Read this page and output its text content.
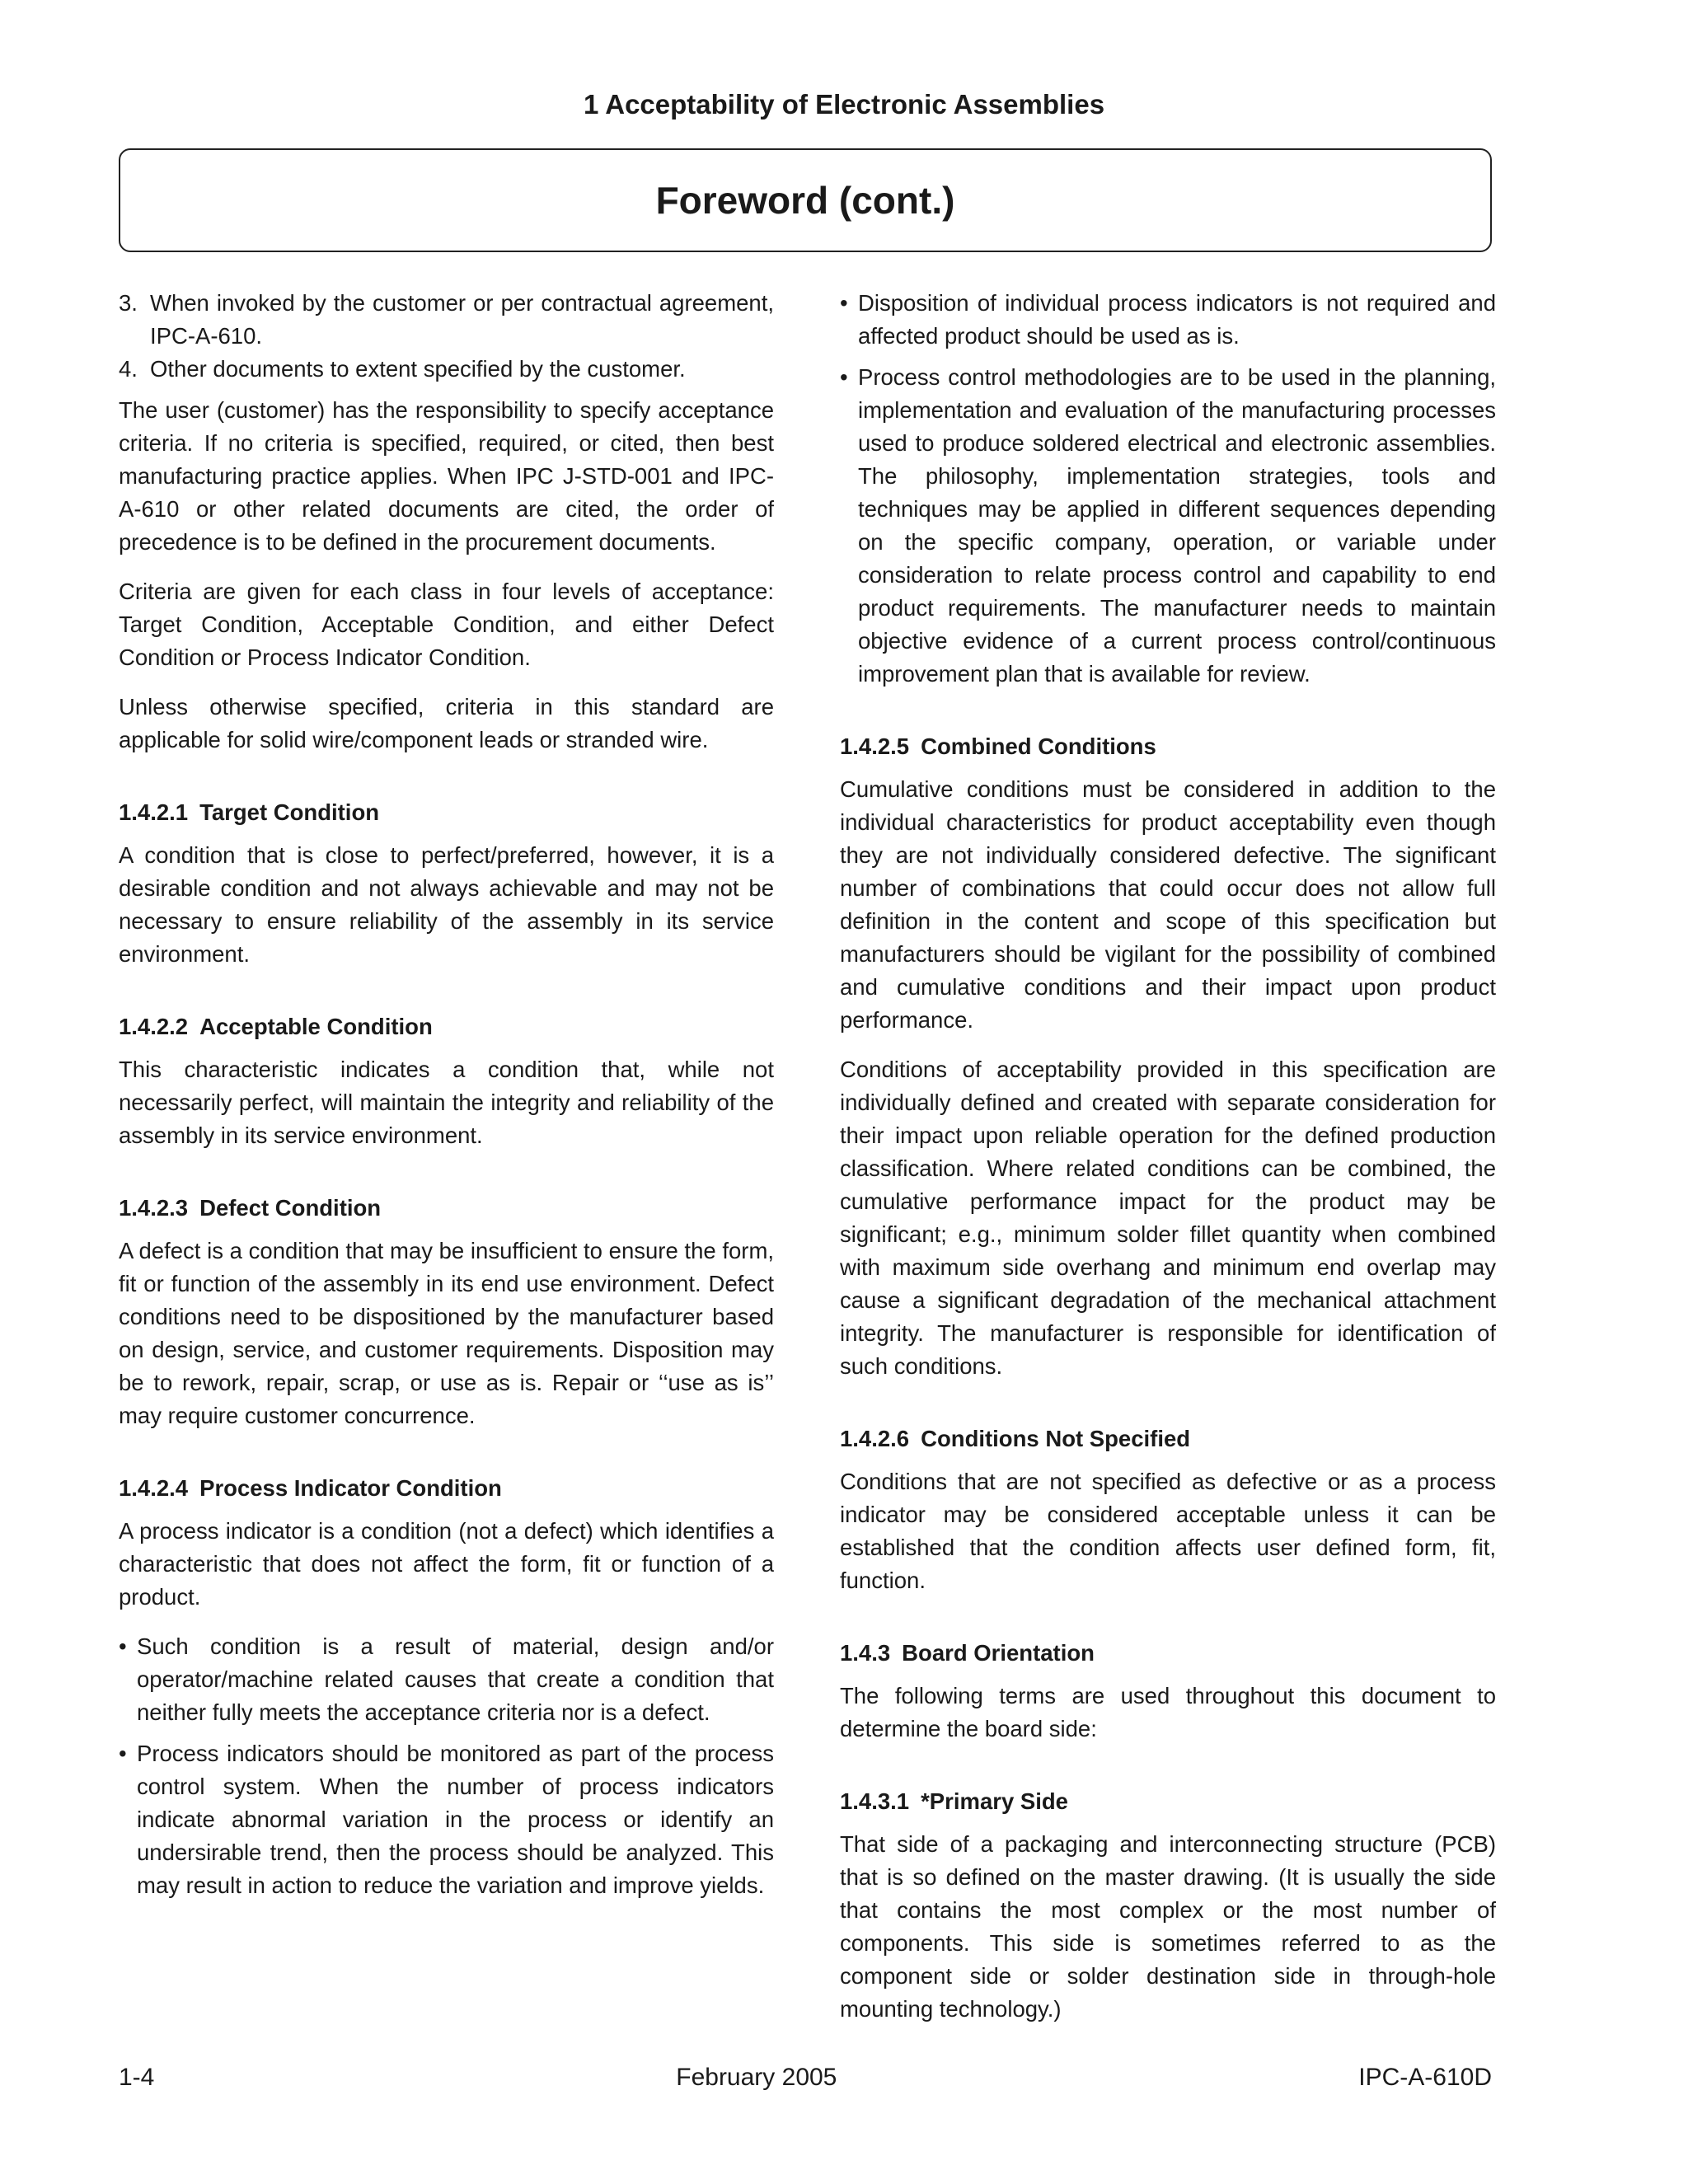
1 Acceptability of Electronic Assemblies
Foreword (cont.)
3. When invoked by the customer or per contractual agreement, IPC-A-610.
4. Other documents to extent specified by the customer.

The user (customer) has the responsibility to specify acceptance criteria. If no criteria is specified, required, or cited, then best manufacturing practice applies. When IPC J-STD-001 and IPC-A-610 or other related documents are cited, the order of precedence is to be defined in the procurement documents.

Criteria are given for each class in four levels of acceptance: Target Condition, Acceptable Condition, and either Defect Condition or Process Indicator Condition.

Unless otherwise specified, criteria in this standard are applicable for solid wire/component leads or stranded wire.

1.4.2.1 Target Condition

A condition that is close to perfect/preferred, however, it is a desirable condition and not always achievable and may not be necessary to ensure reliability of the assembly in its service environment.

1.4.2.2 Acceptable Condition

This characteristic indicates a condition that, while not necessarily perfect, will maintain the integrity and reliability of the assembly in its service environment.

1.4.2.3 Defect Condition

A defect is a condition that may be insufficient to ensure the form, fit or function of the assembly in its end use environment. Defect conditions need to be dispositioned by the manufacturer based on design, service, and customer requirements. Disposition may be to rework, repair, scrap, or use as is. Repair or ‘‘use as is’’ may require customer concurrence.

1.4.2.4 Process Indicator Condition

A process indicator is a condition (not a defect) which identifies a characteristic that does not affect the form, fit or function of a product.

• Such condition is a result of material, design and/or operator/machine related causes that create a condition that neither fully meets the acceptance criteria nor is a defect.
• Process indicators should be monitored as part of the process control system. When the number of process indicators indicate abnormal variation in the process or identify an undersirable trend, then the process should be analyzed. This may result in action to reduce the variation and improve yields.
• Disposition of individual process indicators is not required and affected product should be used as is.
• Process control methodologies are to be used in the planning, implementation and evaluation of the manufacturing processes used to produce soldered electrical and electronic assemblies. The philosophy, implementation strategies, tools and techniques may be applied in different sequences depending on the specific company, operation, or variable under consideration to relate process control and capability to end product requirements. The manufacturer needs to maintain objective evidence of a current process control/continuous improvement plan that is available for review.
1.4.2.5 Combined Conditions

Cumulative conditions must be considered in addition to the individual characteristics for product acceptability even though they are not individually considered defective. The significant number of combinations that could occur does not allow full definition in the content and scope of this specification but manufacturers should be vigilant for the possibility of combined and cumulative conditions and their impact upon product performance.

Conditions of acceptability provided in this specification are individually defined and created with separate consideration for their impact upon reliable operation for the defined production classification. Where related conditions can be combined, the cumulative performance impact for the product may be significant; e.g., minimum solder fillet quantity when combined with maximum side overhang and minimum end overlap may cause a significant degradation of the mechanical attachment integrity. The manufacturer is responsible for identification of such conditions.

1.4.2.6 Conditions Not Specified

Conditions that are not specified as defective or as a process indicator may be considered acceptable unless it can be established that the condition affects user defined form, fit, function.

1.4.3 Board Orientation

The following terms are used throughout this document to determine the board side:

1.4.3.1 *Primary Side

That side of a packaging and interconnecting structure (PCB) that is so defined on the master drawing. (It is usually the side that contains the most complex or the most number of components. This side is sometimes referred to as the component side or solder destination side in through-hole mounting technology.)

1-4	February 2005	IPC-A-610D
